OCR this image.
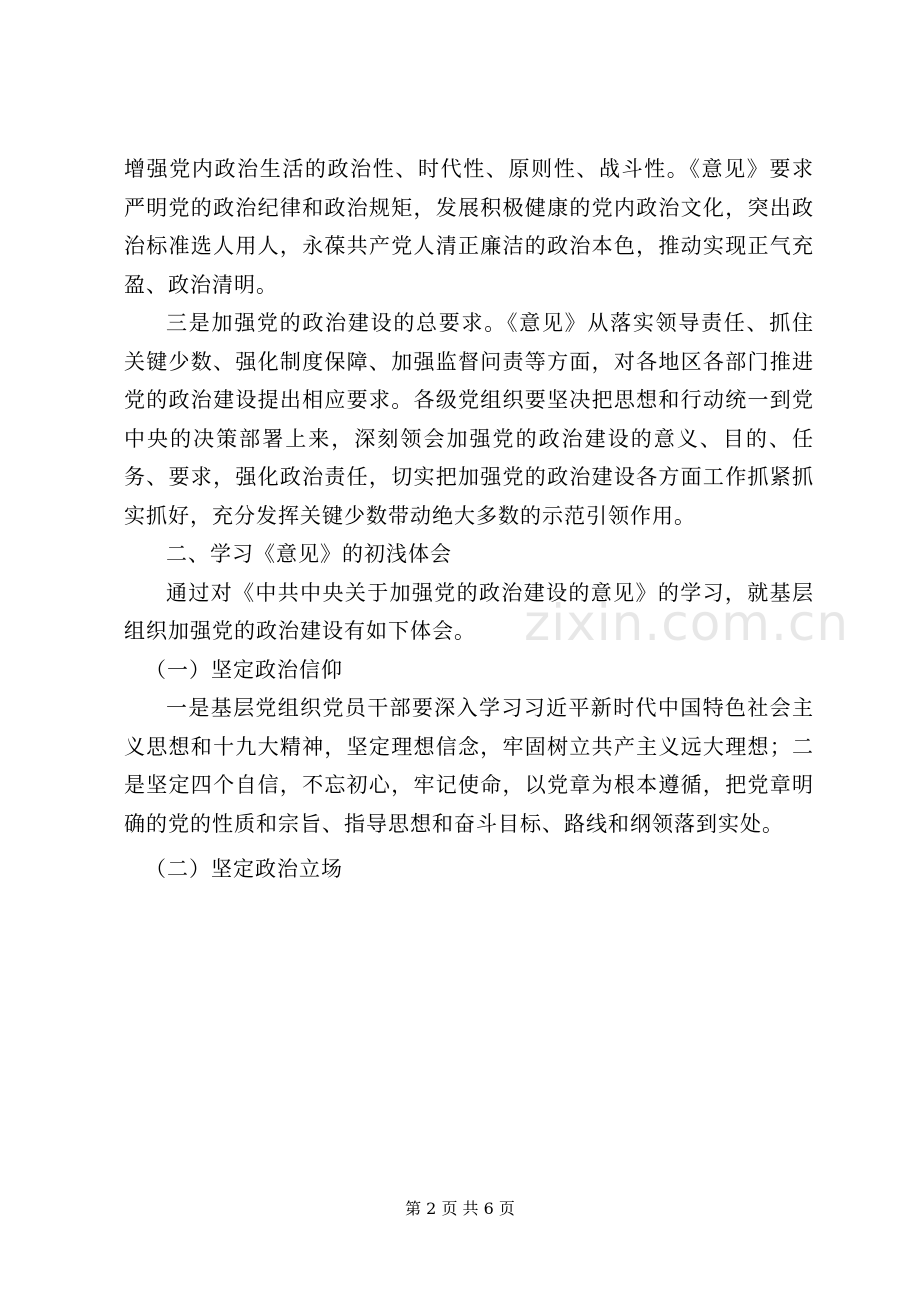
增强党内政治生活的政治性、时代性、原则性、战斗性。《意见》要求严明党的政治纪律和政治规矩，发展积极健康的党内政治文化，突出政治标准选人用人，永葆共产党人清正廉洁的政治本色，推动实现正气充盈、政治清明。

三是加强党的政治建设的总要求。《意见》从落实领导责任、抓住关键少数、强化制度保障、加强监督问责等方面，对各地区各部门推进党的政治建设提出相应要求。各级党组织要坚决把思想和行动统一到党中央的决策部署上来，深刻领会加强党的政治建设的意义、目的、任务、要求，强化政治责任，切实把加强党的政治建设各方面工作抓紧抓实抓好，充分发挥关键少数带动绝大多数的示范引领作用。

二、学习《意见》的初浅体会

通过对《中共中央关于加强党的政治建设的意见》的学习，就基层组织加强党的政治建设有如下体会。

（一）坚定政治信仰

一是基层党组织党员干部要深入学习习近平新时代中国特色社会主义思想和十九大精神，坚定理想信念，牢固树立共产主义远大理想；二是坚定四个自信，不忘初心，牢记使命，以党章为根本遵循，把党章明确的党的性质和宗旨、指导思想和奋斗目标、路线和纲领落到实处。

（二）坚定政治立场

zixin.com.cn
第 2 页 共 6 页
